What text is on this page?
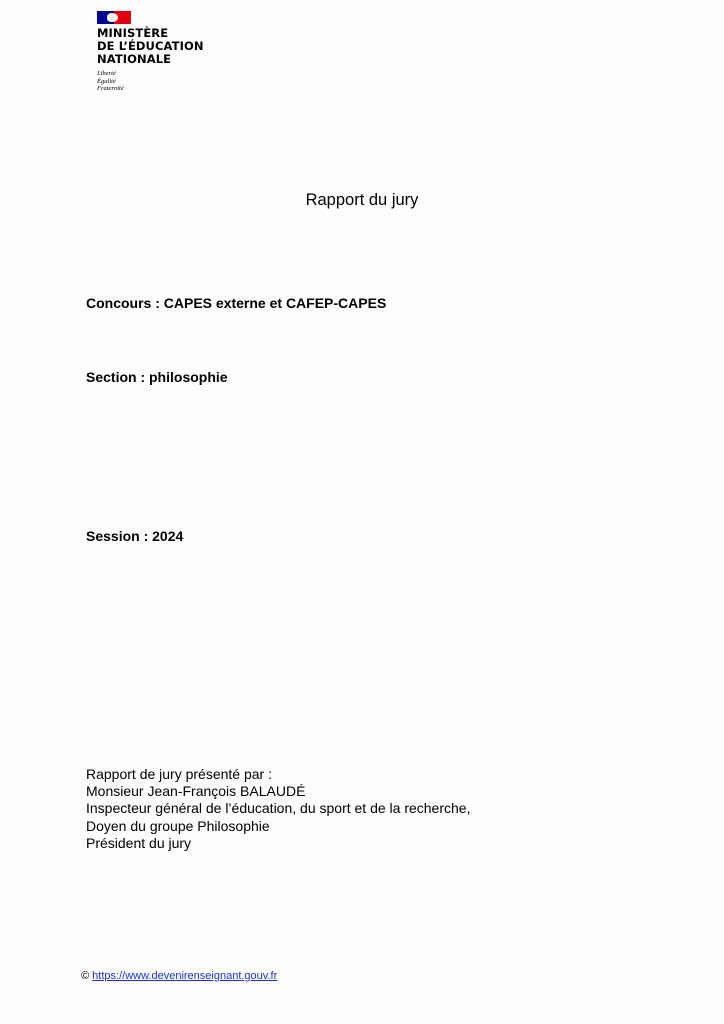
MINISTÈRE
DE L’ÉDUCATION
NATIONALE
Liberté
Égalité
Fraternité
Rapport du jury
Concours : CAPES externe et CAFEP-CAPES
Section : philosophie
Session : 2024
Rapport de jury présenté par :
Monsieur Jean-François BALAUDÉ
Inspecteur général de l’éducation, du sport et de la recherche,
Doyen du groupe Philosophie
Président du jury
© https://www.devenirenseignant.gouv.fr
